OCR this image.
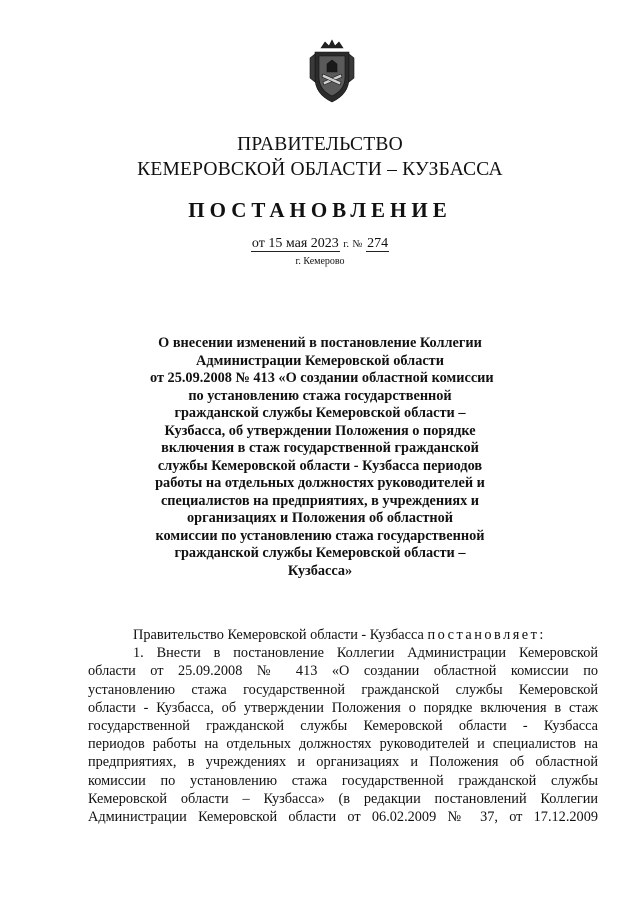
ПРАВИТЕЛЬСТВО
КЕМЕРОВСКОЙ ОБЛАСТИ – КУЗБАССА
ПОСТАНОВЛЕНИЕ
от 15 мая 2023 г. № 274
г. Кемерово
О внесении изменений в постановление Коллегии
Администрации Кемеровской области
от 25.09.2008 № 413 «О создании областной комиссии
по установлению стажа государственной
гражданской службы Кемеровской области –
Кузбасса, об утверждении Положения о порядке
включения в стаж государственной гражданской
службы Кемеровской области - Кузбасса периодов
работы на отдельных должностях руководителей и
специалистов на предприятиях, в учреждениях и
организациях и Положения об областной
комиссии по установлению стажа государственной
гражданской службы Кемеровской области –
Кузбасса»
Правительство Кемеровской области - Кузбасса постановляет:
1. Внести в постановление Коллегии Администрации Кемеровской
области от 25.09.2008 № 413 «О создании областной комиссии по
установлению стажа государственной гражданской службы Кемеровской
области - Кузбасса, об утверждении Положения о порядке включения в стаж
государственной гражданской службы Кемеровской области - Кузбасса
периодов работы на отдельных должностях руководителей и специалистов на
предприятиях, в учреждениях и организациях и Положения об областной
комиссии по установлению стажа государственной гражданской службы
Кемеровской области – Кузбасса» (в редакции постановлений Коллегии
Администрации Кемеровской области от 06.02.2009 № 37, от 17.12.2009
